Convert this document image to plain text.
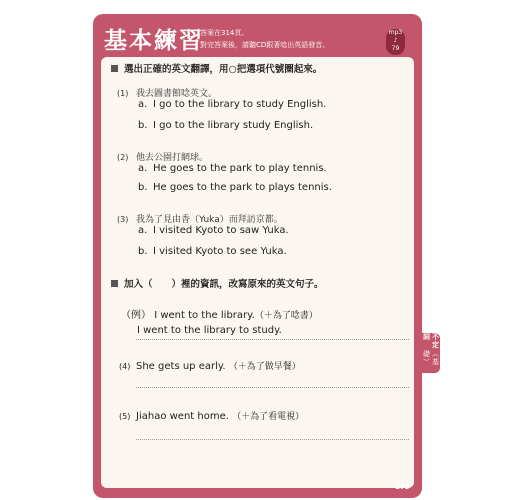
基本練習
答案在314頁。
對完答案後，請聽CD跟著唸出英語發音。
mp3
♪
79
不定詞
（基礎）
選出正確的英文翻譯，用○把選項代號圈起來。
(1) 我去圖書館唸英文。
a. I go to the library to study English.
b. I go to the library study English.
(2) 他去公園打網球。
a. He goes to the park to play tennis.
b. He goes to the park to plays tennis.
(3) 我為了見由香（Yuka）而拜訪京都。
a. I visited Kyoto to saw Yuka.
b. I visited Kyoto to see Yuka.
加入（　　）裡的資訊，改寫原來的英文句子。
（例） I went to the library.（＋為了唸書）
I went to the library to study.
(4) She gets up early. （＋為了做早餐）
(5) Jiahao went home. （＋為了看電視）
173
